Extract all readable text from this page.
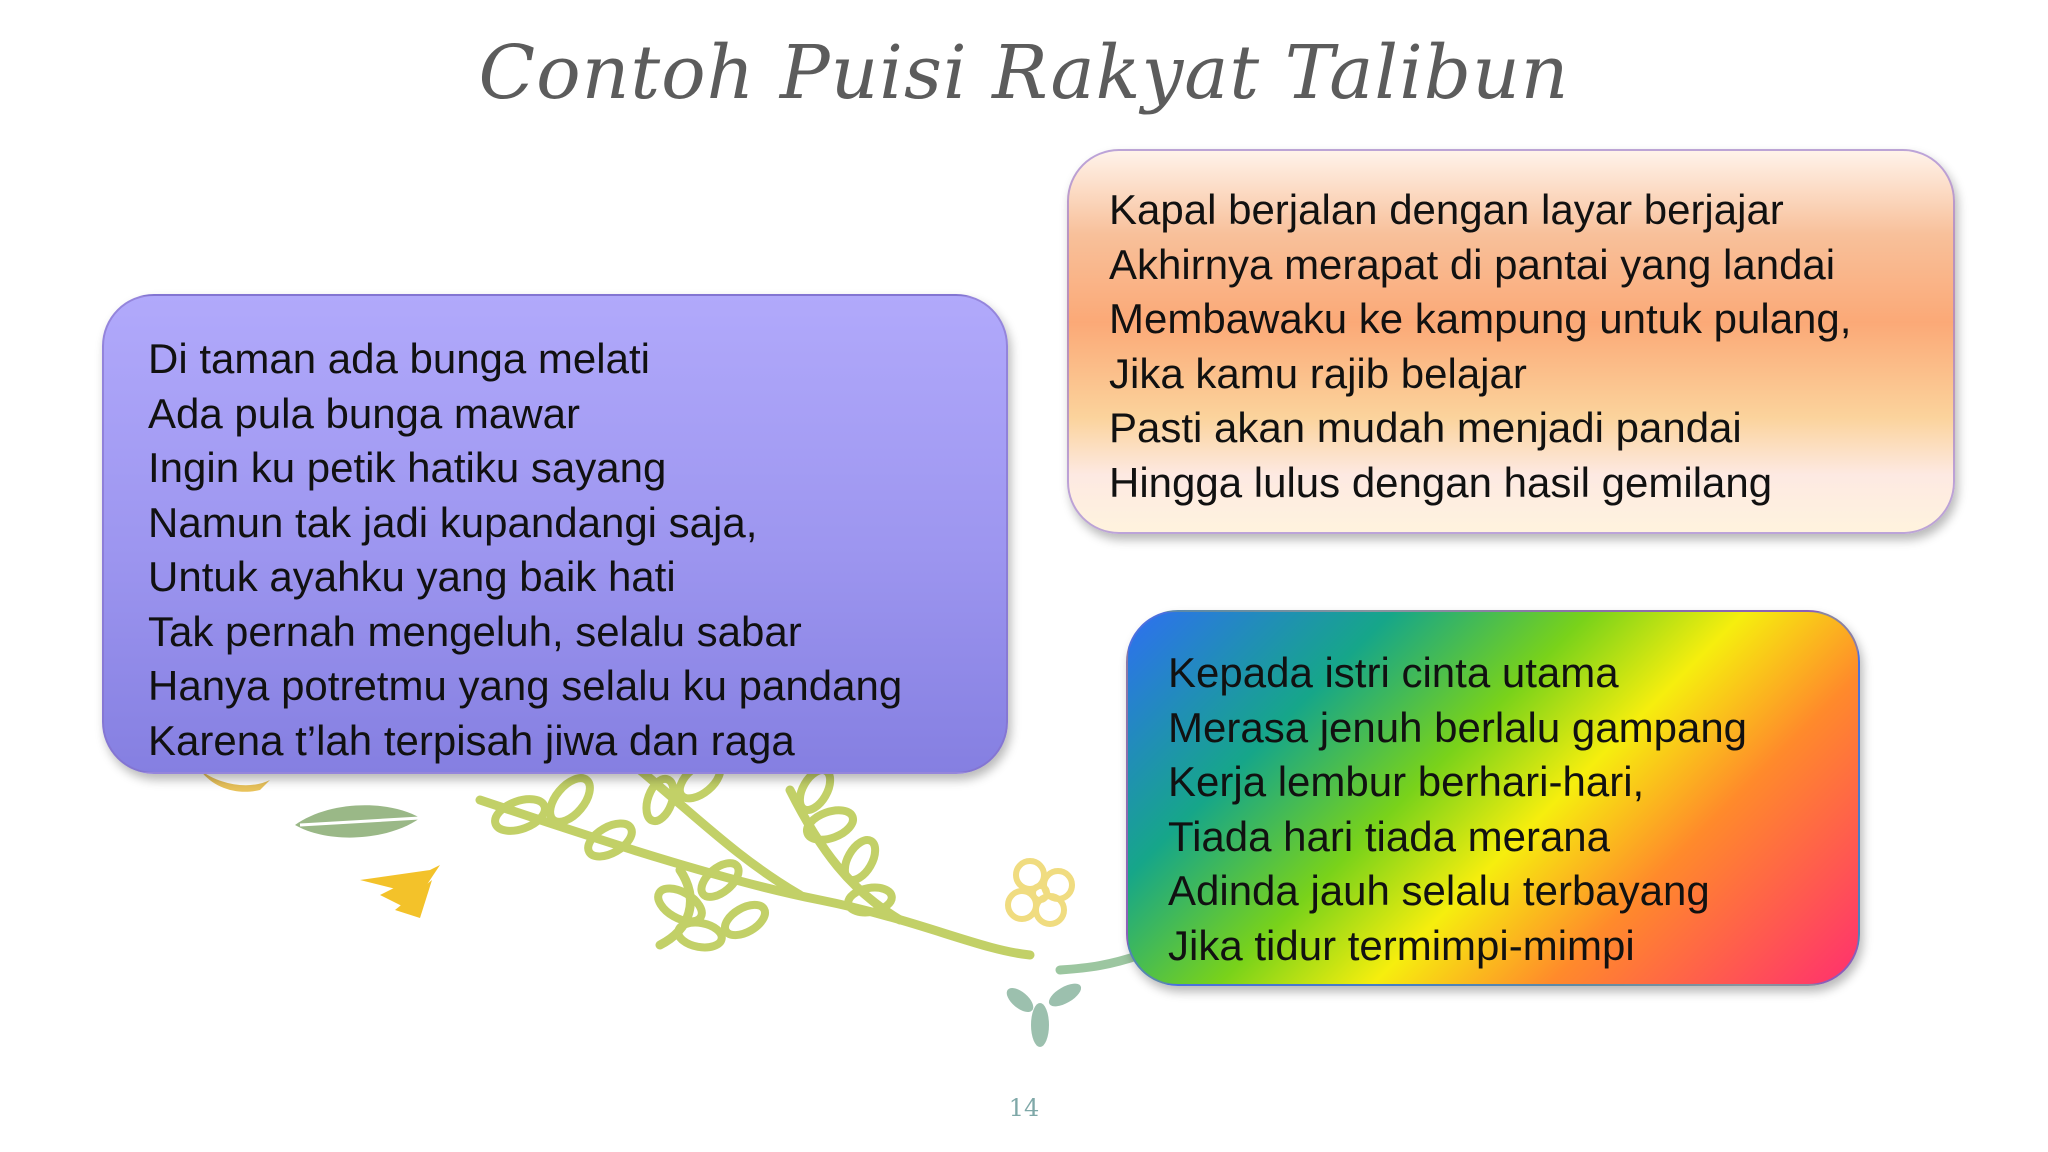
Contoh Puisi Rakyat Talibun
Di taman ada bunga melati
Ada pula bunga mawar
Ingin ku petik hatiku sayang
Namun tak jadi kupandangi saja,
Untuk ayahku yang baik hati
Tak pernah mengeluh, selalu sabar
Hanya potretmu yang selalu ku pandang
Karena t’lah terpisah jiwa dan raga
Kapal berjalan dengan layar berjajar
Akhirnya merapat di pantai yang landai
Membawaku ke kampung untuk pulang,
Jika kamu rajib belajar
Pasti akan mudah menjadi pandai
Hingga lulus dengan hasil gemilang
Kepada istri cinta utama
Merasa jenuh berlalu gampang
Kerja lembur berhari-hari,
Tiada hari tiada merana
Adinda jauh selalu terbayang
Jika tidur termimpi-mimpi
14
